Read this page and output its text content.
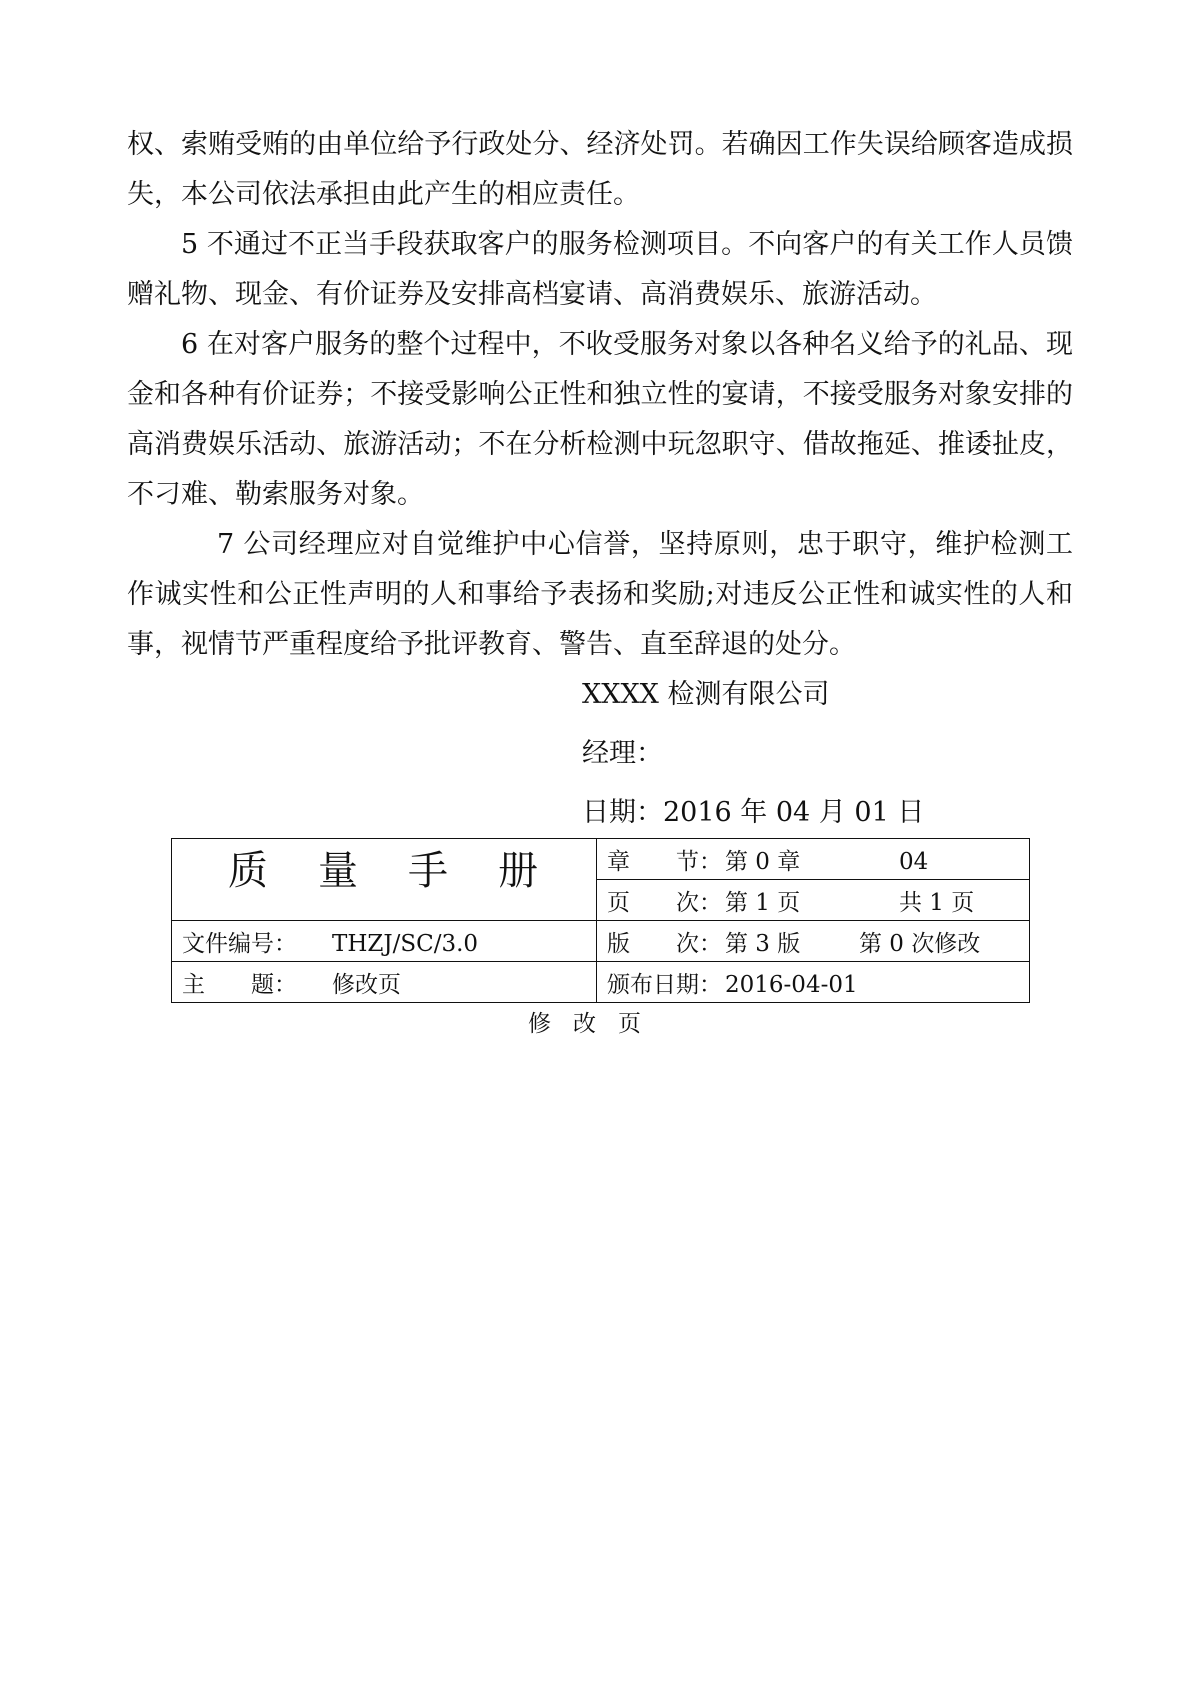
权、索贿受贿的由单位给予行政处分、经济处罚。若确因工作失误给顾客造成损失，本公司依法承担由此产生的相应责任。

5 不通过不正当手段获取客户的服务检测项目。不向客户的有关工作人员馈赠礼物、现金、有价证券及安排高档宴请、高消费娱乐、旅游活动。

6 在对客户服务的整个过程中，不收受服务对象以各种名义给予的礼品、现金和各种有价证券；不接受影响公正性和独立性的宴请，不接受服务对象安排的高消费娱乐活动、旅游活动；不在分析检测中玩忽职守、借故拖延、推诿扯皮，不刁难、勒索服务对象。

7 公司经理应对自觉维护中心信誉，坚持原则，忠于职守，维护检测工作诚实性和公正性声明的人和事给予表扬和奖励;对违反公正性和诚实性的人和事，视情节严重程度给予批评教育、警告、直至辞退的处分。

XXXX 检测有限公司

经理：

日期：2016 年 04 月 01 日

质 量 手 册	章　　节： 第 0 章 04
	页　　次： 第 1 页 共 1 页
文件编号： THZJ/SC/3.0	版　　次： 第 3 版 第 0 次修改
主　　题： 修改页	颁布日期： 2016-04-01
修改页
